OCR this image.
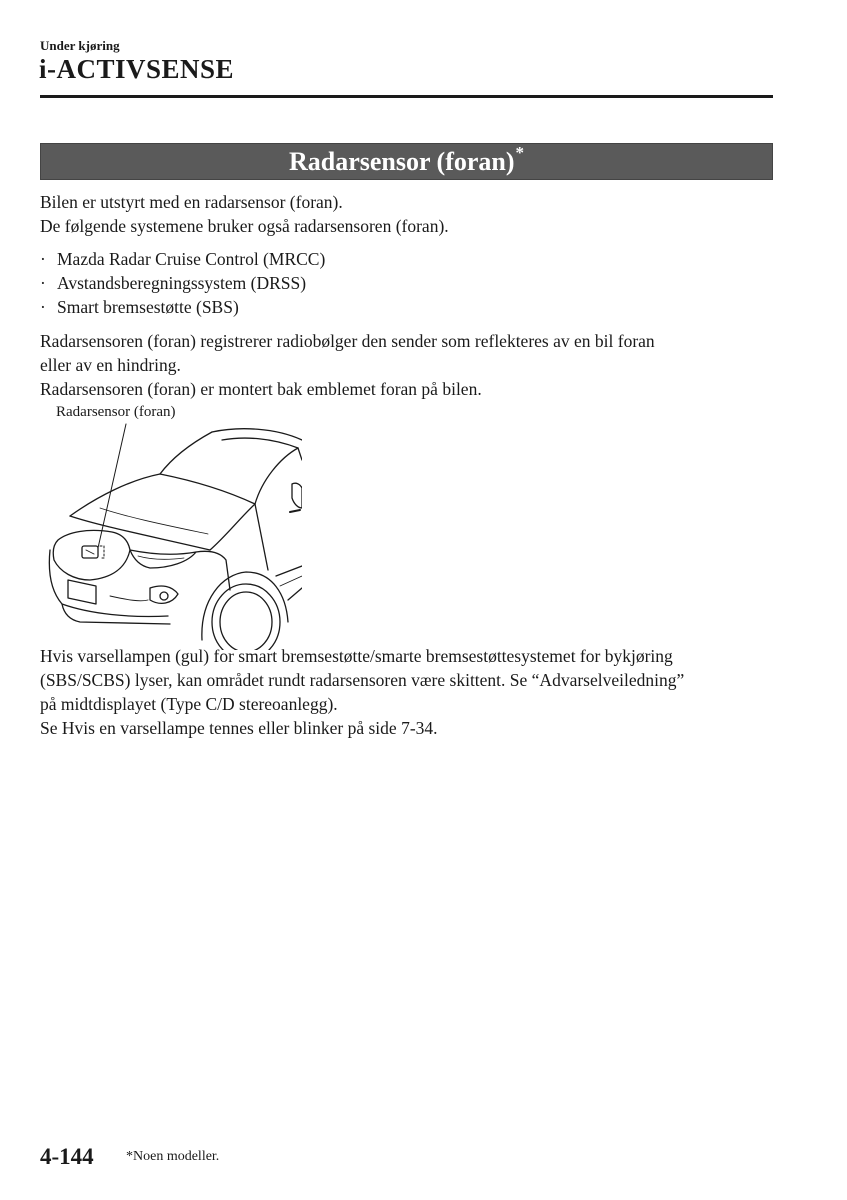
Under kjøring
i-ACTIVSENSE
Radarsensor (foran) *
Bilen er utstyrt med en radarsensor (foran).
De følgende systemene bruker også radarsensoren (foran).
· Mazda Radar Cruise Control (MRCC)
· Avstandsberegningssystem (DRSS)
· Smart bremsestøtte (SBS)
Radarsensoren (foran) registrerer radiobølger den sender som reflekteres av en bil foran
eller av en hindring.
Radarsensoren (foran) er montert bak emblemet foran på bilen.
Radarsensor (foran)
Hvis varsellampen (gul) for smart bremsestøtte/smarte bremsestøttesystemet for bykjøring
(SBS/SCBS) lyser, kan området rundt radarsensoren være skittent. Se “Advarselveiledning”
på midtdisplayet (Type C/D stereoanlegg).
Se Hvis en varsellampe tennes eller blinker på side 7-34.
4-144 *Noen modeller.
